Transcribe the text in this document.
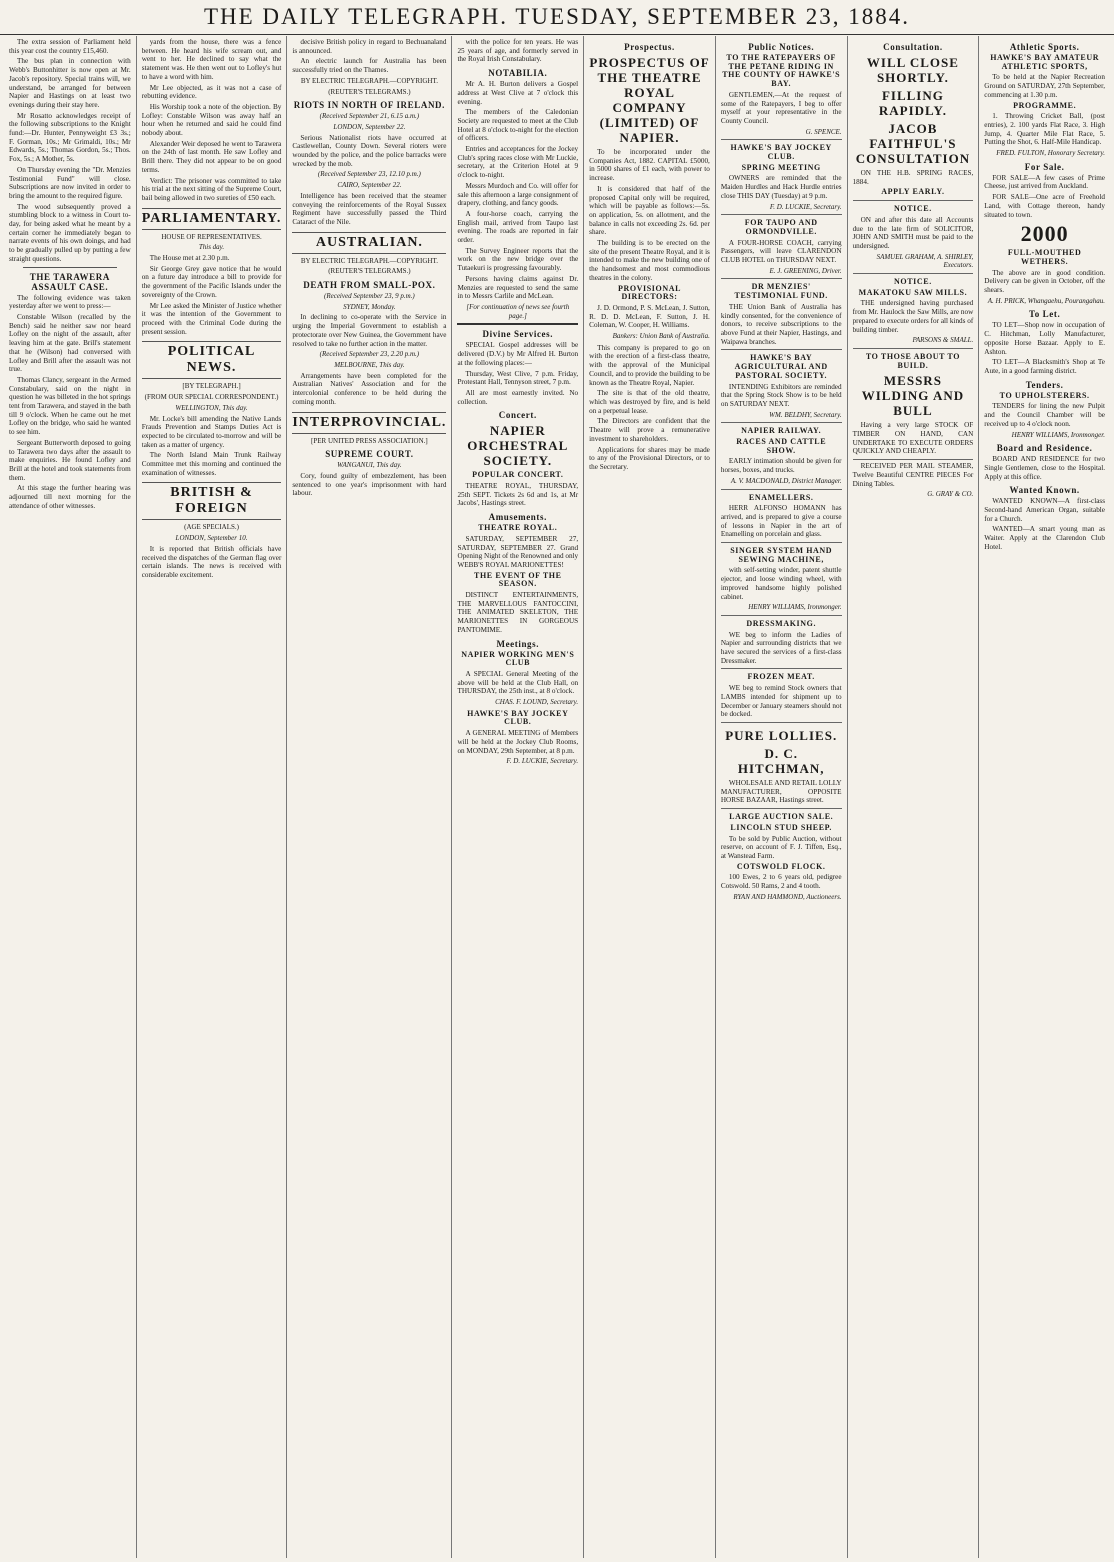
THE DAILY TELEGRAPH. TUESDAY, SEPTEMBER 23, 1884.

The extra session of Parliament held this year cost the country £15,460.

The bus plan in connection with Webb's Buttonhitter is now open at Mr. Jacob's repository. Special trains will, we understand, be arranged for between Napier and Hastings on at least two evenings during their stay here.

Mr Rosatto acknowledges receipt of the following subscriptions to the Knight fund:—Dr. Hunter, Pennyweight £3 3s.; F. Gorman, 10s.; Mr Grimaldi, 10s.; Mr Edwards, 5s.; Thomas Gordon, 5s.; Thos. Fox, 5s.; A Mother, 5s.

On Thursday evening the "Dr. Menzies Testimonial Fund" will close. Subscriptions are now invited in order to bring the amount to the required figure.

The wood subsequently proved a stumbling block to a witness in Court to-day, for being asked what he meant by a certain corner he immediately began to narrate events of his own doings, and had to be gradually pulled up by putting a few straight questions.

THE TARAWERA ASSAULT CASE.

The following evidence was taken yesterday after we went to press:—

Constable Wilson (recalled by the Bench) said he neither saw nor heard Lofley on the night of the assault, after leaving him at the gate. Brill's statement that he (Wilson) had conversed with Lofley and Brill after the assault was not true.

Thomas Clancy, sergeant in the Armed Constabulary, said on the night in question he was billeted in the hot springs tent from Tarawera, and stayed in the bath till 9 o'clock. When he came out he met Lofley on the bridge, who said he wanted to see him.

Sergeant Butterworth deposed to going to Tarawera two days after the assault to make enquiries. He found Lofley and Brill at the hotel and took statements from them.

At this stage the further hearing was adjourned till next morning for the attendance of other witnesses.

yards from the house, there was a fence between. He heard his wife scream out, and went to her. He declined to say what the statement was. He then went out to Lofley's hut to have a word with him.

Mr Lee objected, as it was not a case of rebutting evidence.

His Worship took a note of the objection. By Lofley: Constable Wilson was away half an hour when he returned and said he could find nobody about.

Alexander Weir deposed he went to Tarawera on the 24th of last month. He saw Lofley and Brill there. They did not appear to be on good terms.

Verdict: The prisoner was committed to take his trial at the next sitting of the Supreme Court, bail being allowed in two sureties of £50 each.

PARLIAMENTARY.
HOUSE OF REPRESENTATIVES.
This day.

The House met at 2.30 p.m.

Sir George Grey gave notice that he would on a future day introduce a bill to provide for the government of the Pacific Islands under the sovereignty of the Crown.

Mr Lee asked the Minister of Justice whether it was the intention of the Government to proceed with the Criminal Code during the present session.

POLITICAL NEWS.
[BY TELEGRAPH.]
(FROM OUR SPECIAL CORRESPONDENT.)
WELLINGTON, This day.

Mr. Locke's bill amending the Native Lands Frauds Prevention and Stamps Duties Act is expected to be circulated to-morrow and will be taken as a matter of urgency.

The North Island Main Trunk Railway Committee met this morning and continued the examination of witnesses.

BRITISH & FOREIGN
(AGE SPECIALS.)
LONDON, September 10.

It is reported that British officials have received the dispatches of the German flag over certain islands. The news is received with considerable excitement.

decisive British policy in regard to Bechuanaland is announced.

An electric launch for Australia has been successfully tried on the Thames.

BY ELECTRIC TELEGRAPH.—COPYRIGHT.
(REUTER'S TELEGRAMS.)
RIOTS IN NORTH OF IRELAND.
(Received September 21, 6.15 a.m.)
LONDON, September 22.

Serious Nationalist riots have occurred at Castlewellan, County Down. Several rioters were wounded by the police, and the police barracks were wrecked by the mob.

(Received September 23, 12.10 p.m.)
CAIRO, September 22.

Intelligence has been received that the steamer conveying the reinforcements of the Royal Sussex Regiment have successfully passed the Third Cataract of the Nile.

AUSTRALIAN.
BY ELECTRIC TELEGRAPH.—COPYRIGHT.
(REUTER'S TELEGRAMS.)
DEATH FROM SMALL-POX.
(Received September 23, 9 p.m.)
SYDNEY, Monday.

In declining to co-operate with the Service in urging the Imperial Government to establish a protectorate over New Guinea, the Government have resolved to take no further action in the matter.

(Received September 23, 2.20 p.m.)
MELBOURNE, This day.

Arrangements have been completed for the Australian Natives' Association and for the intercolonial conference to be held during the coming month.

INTERPROVINCIAL.
[PER UNITED PRESS ASSOCIATION.]
SUPREME COURT.
WANGANUI, This day.

Cory, found guilty of embezzlement, has been sentenced to one year's imprisonment with hard labour.

with the police for ten years. He was 25 years of age, and formerly served in the Royal Irish Constabulary.

NOTABILIA.

Mr A. H. Burton delivers a Gospel address at West Clive at 7 o'clock this evening.

The members of the Caledonian Society are requested to meet at the Club Hotel at 8 o'clock to-night for the election of officers.

Entries and acceptances for the Jockey Club's spring races close with Mr Luckie, secretary, at the Criterion Hotel at 9 o'clock to-night.

Messrs Murdoch and Co. will offer for sale this afternoon a large consignment of drapery, clothing, and fancy goods.

A four-horse coach, carrying the English mail, arrived from Taupo last evening. The roads are reported in fair order.

The Survey Engineer reports that the work on the new bridge over the Tutaekuri is progressing favourably.

Persons having claims against Dr. Menzies are requested to send the same in to Messrs Carlile and McLean.

[For continuation of news see fourth page.]
Divine Services.

SPECIAL Gospel addresses will be delivered (D.V.) by Mr Alfred H. Burton at the following places:—

Thursday, West Clive, 7 p.m. Friday, Protestant Hall, Tennyson street, 7 p.m.

All are most earnestly invited. No collection.

Concert.
NAPIER ORCHESTRAL SOCIETY.
POPULAR CONCERT.

THEATRE ROYAL, THURSDAY, 25th SEPT. Tickets 2s 6d and 1s, at Mr Jacobs', Hastings street.

Amusements.
THEATRE ROYAL.

SATURDAY, SEPTEMBER 27, SATURDAY, SEPTEMBER 27. Grand Opening Night of the Renowned and only WEBB'S ROYAL MARIONETTES!

THE EVENT OF THE SEASON.

DISTINCT ENTERTAINMENTS, THE MARVELLOUS FANTOCCINI, THE ANIMATED SKELETON, THE MARIONETTES IN GORGEOUS PANTOMIME.

Meetings.
NAPIER WORKING MEN'S CLUB

A SPECIAL General Meeting of the above will be held at the Club Hall, on THURSDAY, the 25th inst., at 8 o'clock.

CHAS. F. LOUND, Secretary.
HAWKE'S BAY JOCKEY CLUB.

A GENERAL MEETING of Members will be held at the Jockey Club Rooms, on MONDAY, 29th September, at 8 p.m.

F. D. LUCKIE, Secretary.
Prospectus.
PROSPECTUS OF THE THEATRE ROYAL COMPANY (LIMITED) OF NAPIER.

To be incorporated under the Companies Act, 1882. CAPITAL £5000, in 5000 shares of £1 each, with power to increase.

It is considered that half of the proposed Capital only will be required, which will be payable as follows:—5s. on application, 5s. on allotment, and the balance in calls not exceeding 2s. 6d. per share.

The building is to be erected on the site of the present Theatre Royal, and it is intended to make the new building one of the handsomest and most commodious theatres in the colony.

PROVISIONAL DIRECTORS:

J. D. Ormond, P. S. McLean, J. Sutton, R. D. D. McLean, F. Sutton, J. H. Coleman, W. Cooper, H. Williams.

Bankers: Union Bank of Australia.

This company is prepared to go on with the erection of a first-class theatre, with the approval of the Municipal Council, and to provide the building to be known as the Theatre Royal, Napier.

The site is that of the old theatre, which was destroyed by fire, and is held on a perpetual lease.

The Directors are confident that the Theatre will prove a remunerative investment to shareholders.

Applications for shares may be made to any of the Provisional Directors, or to the Secretary.

Public Notices.
TO THE RATEPAYERS OF THE PETANE RIDING IN THE COUNTY OF HAWKE'S BAY.

GENTLEMEN,—At the request of some of the Ratepayers, I beg to offer myself at your representative in the County Council.

G. SPENCE.
HAWKE'S BAY JOCKEY CLUB.
SPRING MEETING

OWNERS are reminded that the Maiden Hurdles and Hack Hurdle entries close THIS DAY (Tuesday) at 9 p.m.

F. D. LUCKIE, Secretary.
FOR TAUPO AND ORMONDVILLE.

A FOUR-HORSE COACH, carrying Passengers, will leave CLARENDON CLUB HOTEL on THURSDAY NEXT.

E. J. GREENING, Driver.
DR MENZIES' TESTIMONIAL FUND.

THE Union Bank of Australia has kindly consented, for the convenience of donors, to receive subscriptions to the above Fund at their Napier, Hastings, and Waipawa branches.

HAWKE'S BAY AGRICULTURAL AND PASTORAL SOCIETY.

INTENDING Exhibitors are reminded that the Spring Stock Show is to be held on SATURDAY NEXT.

WM. BELDHY, Secretary.
NAPIER RAILWAY.
RACES AND CATTLE SHOW.

EARLY intimation should be given for horses, boxes, and trucks.

A. V. MACDONALD, District Manager.
ENAMELLERS.

HERR ALFONSO HOMANN has arrived, and is prepared to give a course of lessons in Napier in the art of Enamelling on porcelain and glass.

SINGER SYSTEM HAND SEWING MACHINE,

with self-setting winder, patent shuttle ejector, and loose winding wheel, with improved handsome highly polished cabinet.

HENRY WILLIAMS, Ironmonger.
DRESSMAKING.

WE beg to inform the Ladies of Napier and surrounding districts that we have secured the services of a first-class Dressmaker.

FROZEN MEAT.

WE beg to remind Stock owners that LAMBS intended for shipment up to December or January steamers should not be docked.

PURE LOLLIES.
D. C. HITCHMAN,

WHOLESALE AND RETAIL LOLLY MANUFACTURER, OPPOSITE HORSE BAZAAR, Hastings street.

LARGE AUCTION SALE.
LINCOLN STUD SHEEP.

To be sold by Public Auction, without reserve, on account of F. J. Tiffen, Esq., at Wanstead Farm.

COTSWOLD FLOCK.

100 Ewes, 2 to 6 years old, pedigree Cotswold. 50 Rams, 2 and 4 tooth.

RYAN AND HAMMOND, Auctioneers.
Consultation.
WILL CLOSE SHORTLY.
FILLING RAPIDLY.
JACOB FAITHFUL'S CONSULTATION

ON THE H.B. SPRING RACES, 1884.

APPLY EARLY.
NOTICE.

ON and after this date all Accounts due to the late firm of SOLICITOR, JOHN AND SMITH must be paid to the undersigned.

SAMUEL GRAHAM, A. SHIRLEY, Executors.
NOTICE.
MAKATOKU SAW MILLS.

THE undersigned having purchased from Mr. Haulock the Saw Mills, are now prepared to execute orders for all kinds of building timber.

PARSONS & SMALL.
TO THOSE ABOUT TO BUILD.
MESSRS WILDING AND BULL

Having a very large STOCK OF TIMBER ON HAND, CAN UNDERTAKE TO EXECUTE ORDERS QUICKLY AND CHEAPLY.

RECEIVED PER MAIL STEAMER, Twelve Beautiful CENTRE PIECES For Dining Tables.

G. GRAY & CO.
Athletic Sports.
HAWKE'S BAY AMATEUR ATHLETIC SPORTS,

To be held at the Napier Recreation Ground on SATURDAY, 27th September, commencing at 1.30 p.m.

PROGRAMME.

1. Throwing Cricket Ball, (post entries), 2. 100 yards Flat Race, 3. High Jump, 4. Quarter Mile Flat Race, 5. Putting the Shot, 6. Half-Mile Handicap.

FRED. FULTON, Honorary Secretary.
For Sale.

FOR SALE—A few cases of Prime Cheese, just arrived from Auckland.

FOR SALE—One acre of Freehold Land, with Cottage thereon, handy situated to town.

2000
FULL-MOUTHED WETHERS.

The above are in good condition. Delivery can be given in October, off the shears.

A. H. PRICK, Whangaehu, Pourangahau.
To Let.

TO LET—Shop now in occupation of C. Hitchman, Lolly Manufacturer, opposite Horse Bazaar. Apply to E. Ashton.

TO LET—A Blacksmith's Shop at Te Aute, in a good farming district.

Tenders.
TO UPHOLSTERERS.

TENDERS for lining the new Pulpit and the Council Chamber will be received up to 4 o'clock noon.

HENRY WILLIAMS, Ironmonger.
Board and Residence.

BOARD AND RESIDENCE for two Single Gentlemen, close to the Hospital. Apply at this office.

Wanted Known.

WANTED KNOWN—A first-class Second-hand American Organ, suitable for a Church.

WANTED—A smart young man as Waiter. Apply at the Clarendon Club Hotel.
